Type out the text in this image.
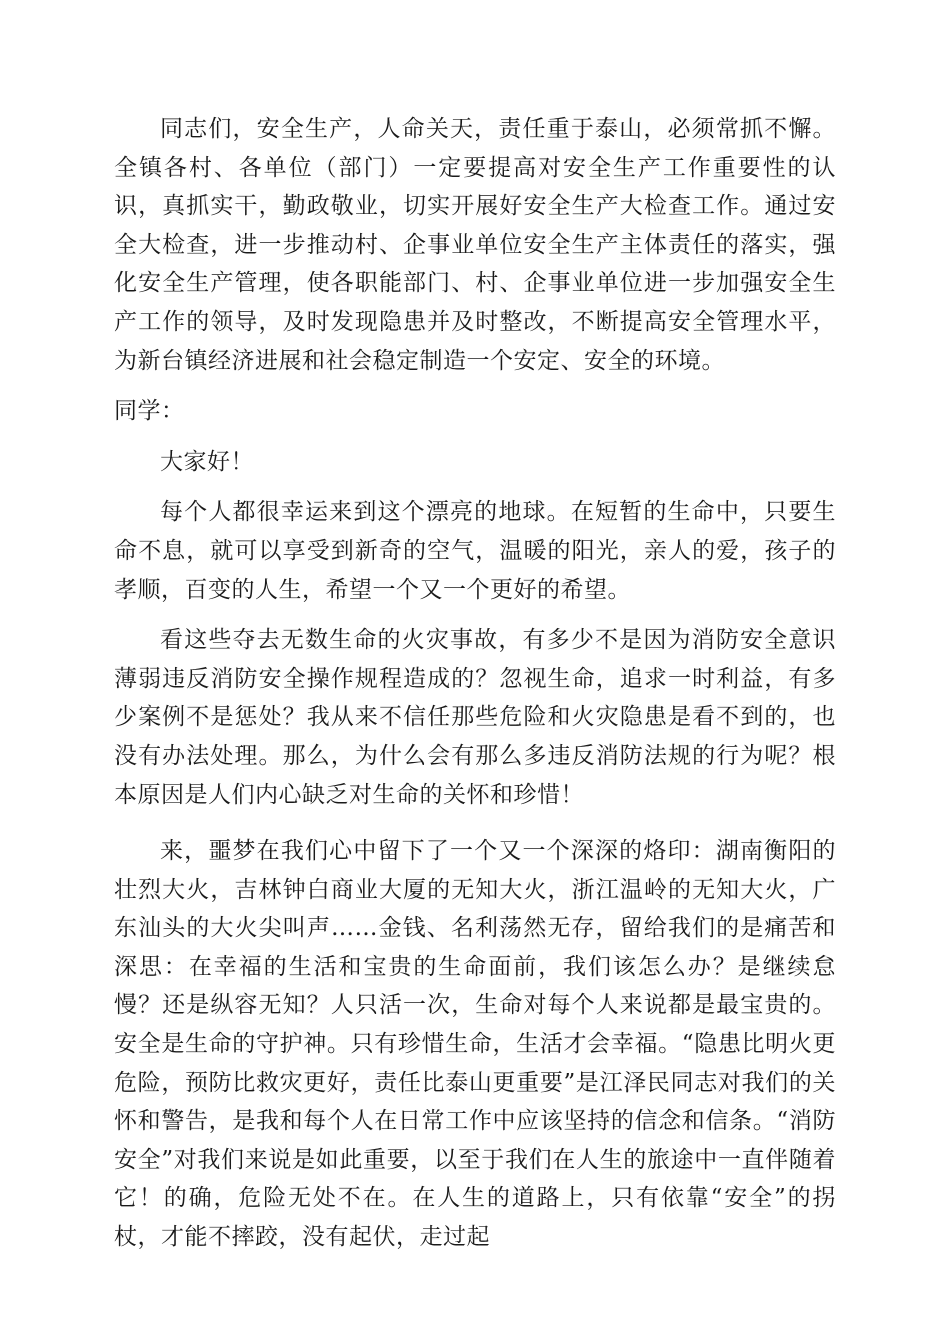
同志们，安全生产，人命关天，责任重于泰山，必须常抓不懈。全镇各村、各单位（部门）一定要提高对安全生产工作重要性的认识，真抓实干，勤政敬业，切实开展好安全生产大检查工作。通过安全大检查，进一步推动村、企事业单位安全生产主体责任的落实，强化安全生产管理，使各职能部门、村、企事业单位进一步加强安全生产工作的领导，及时发现隐患并及时整改，不断提高安全管理水平，为新台镇经济进展和社会稳定制造一个安定、安全的环境。

同学：

大家好！

每个人都很幸运来到这个漂亮的地球。在短暂的生命中，只要生命不息，就可以享受到新奇的空气，温暖的阳光，亲人的爱，孩子的孝顺，百变的人生，希望一个又一个更好的希望。

看这些夺去无数生命的火灾事故，有多少不是因为消防安全意识薄弱违反消防安全操作规程造成的？忽视生命，追求一时利益，有多少案例不是惩处？我从来不信任那些危险和火灾隐患是看不到的，也没有办法处理。那么，为什么会有那么多违反消防法规的行为呢？根本原因是人们内心缺乏对生命的关怀和珍惜！

来，噩梦在我们心中留下了一个又一个深深的烙印：湖南衡阳的壮烈大火，吉林钟白商业大厦的无知大火，浙江温岭的无知大火，广东汕头的大火尖叫声……金钱、名利荡然无存，留给我们的是痛苦和深思：在幸福的生活和宝贵的生命面前，我们该怎么办？是继续怠慢？还是纵容无知？人只活一次，生命对每个人来说都是最宝贵的。安全是生命的守护神。只有珍惜生命，生活才会幸福。“隐患比明火更危险，预防比救灾更好，责任比泰山更重要”是江泽民同志对我们的关怀和警告，是我和每个人在日常工作中应该坚持的信念和信条。“消防安全”对我们来说是如此重要，以至于我们在人生的旅途中一直伴随着它！的确，危险无处不在。在人生的道路上，只有依靠“安全”的拐杖，才能不摔跤，没有起伏，走过起
